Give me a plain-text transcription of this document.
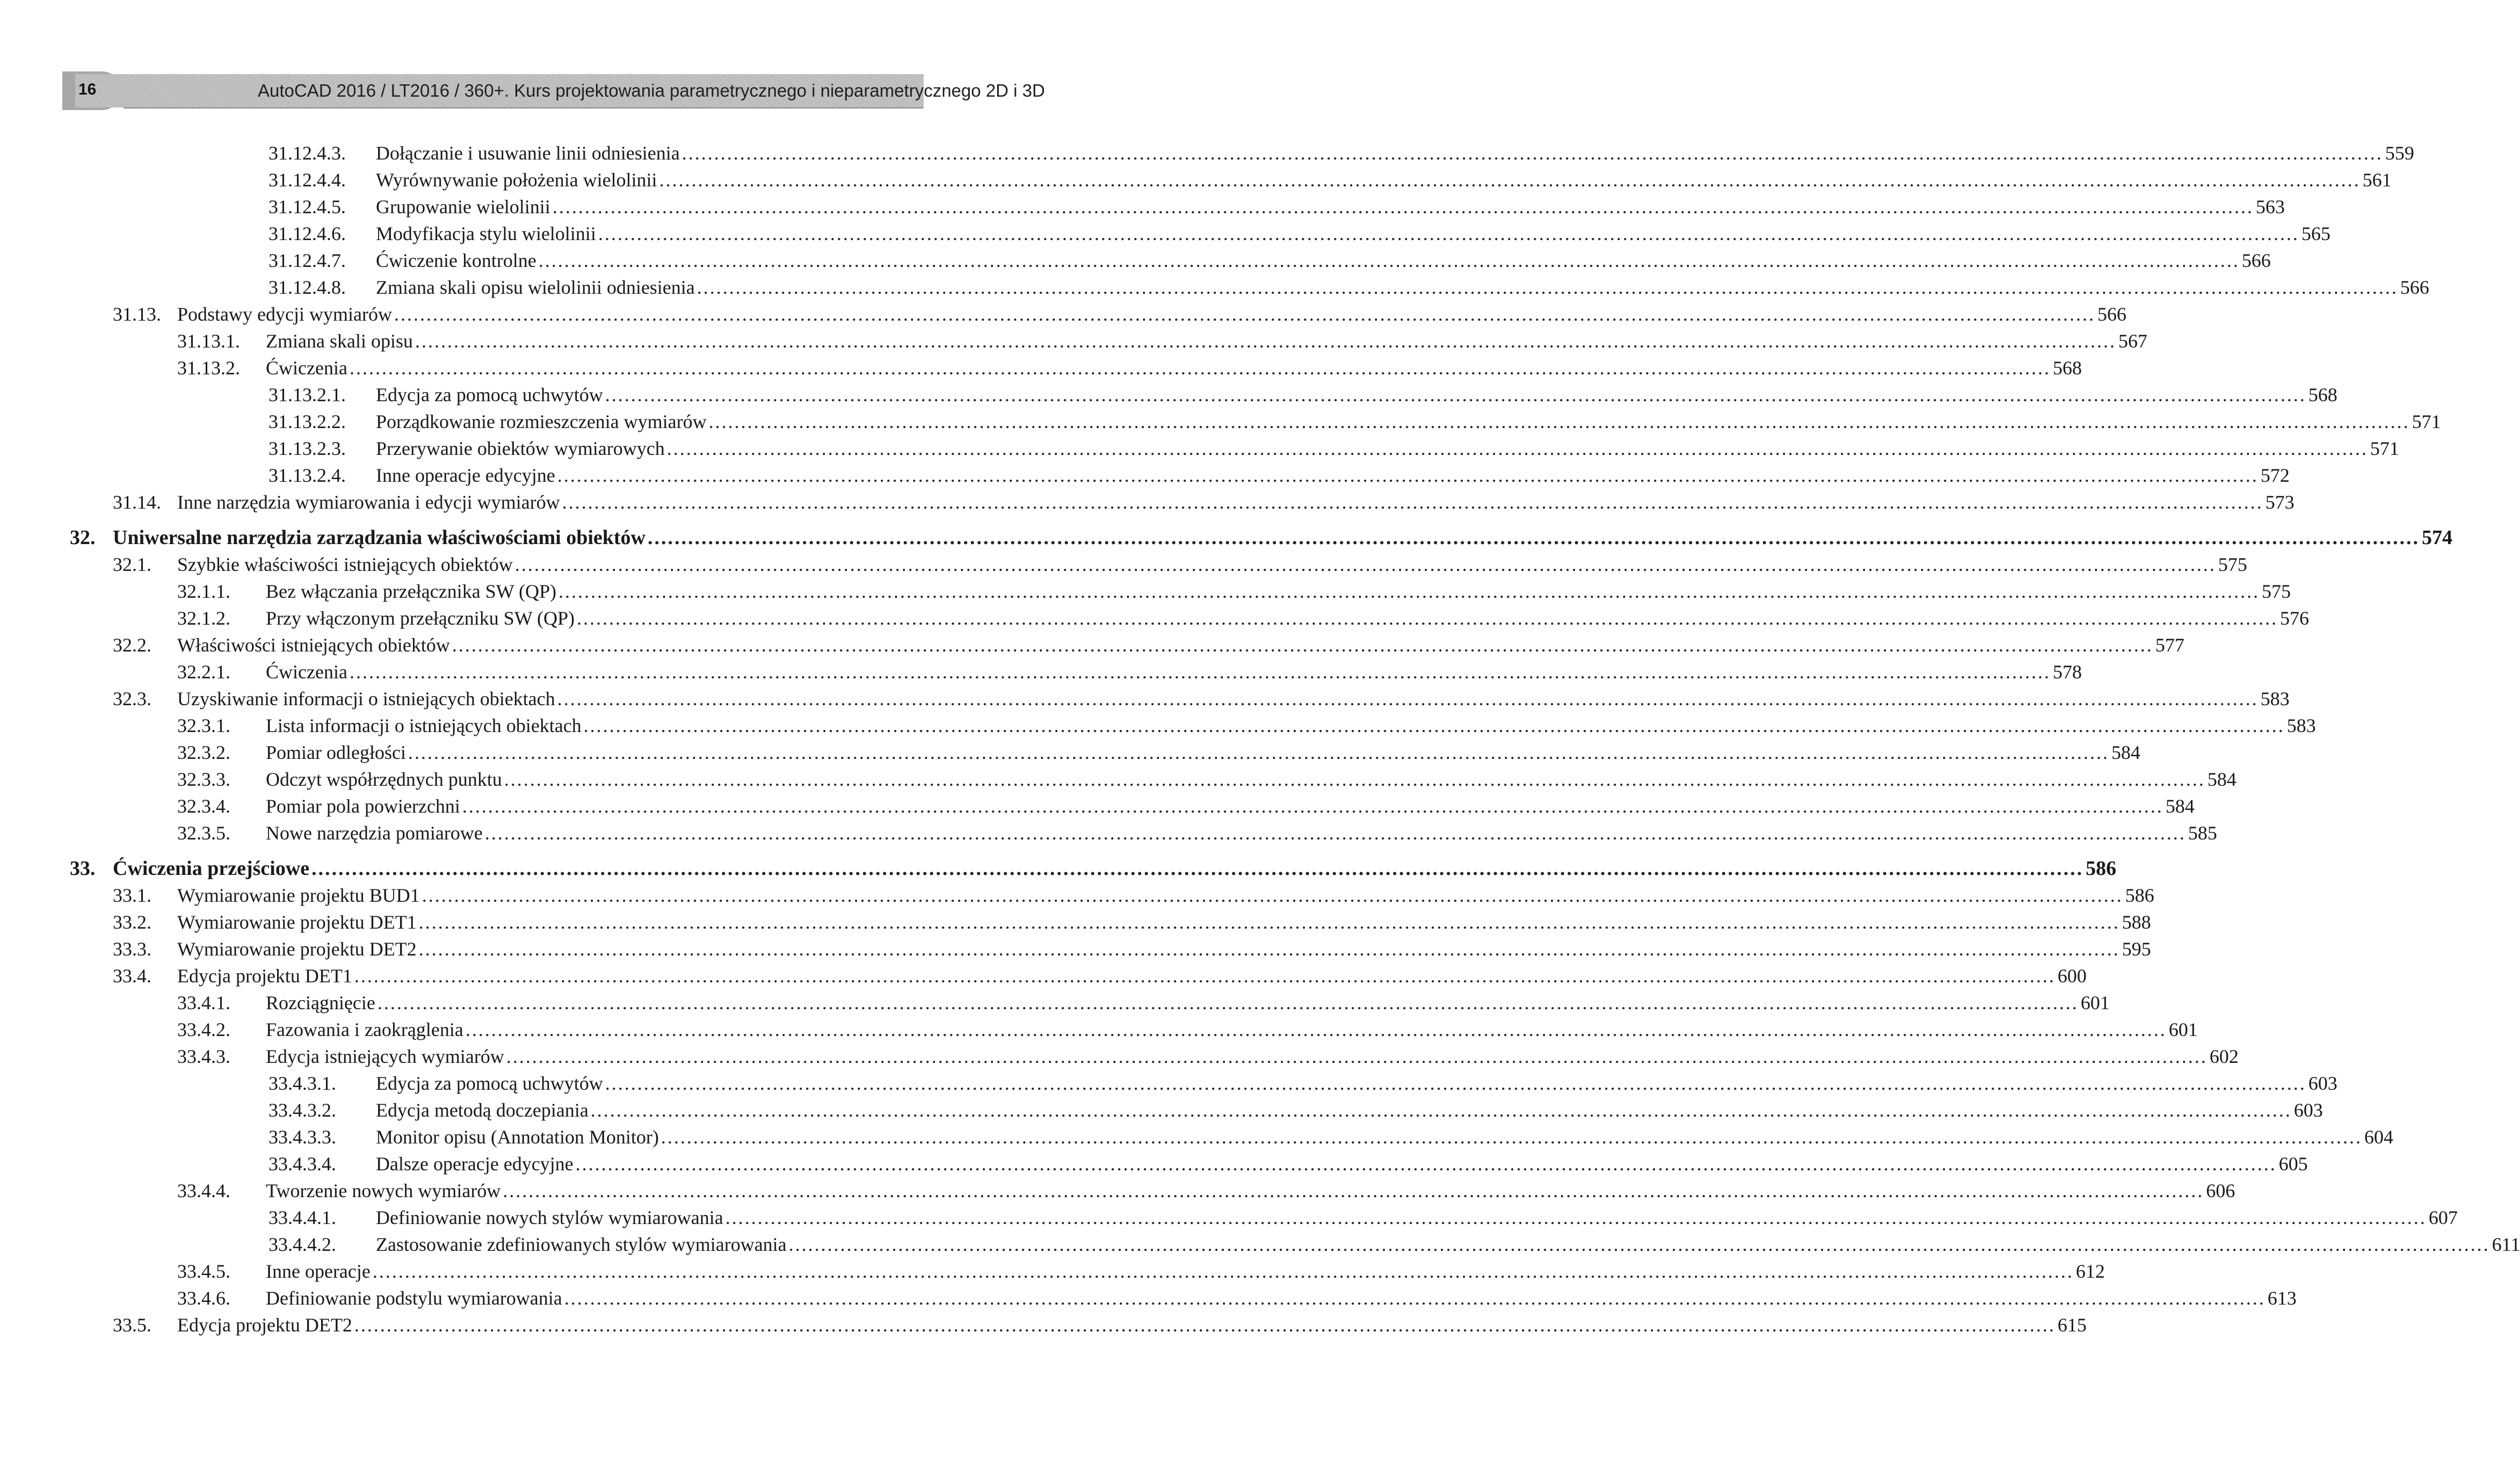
16	AutoCAD 2016 / LT2016 / 360+. Kurs projektowania parametrycznego i nieparametrycznego 2D i 3D
31.12.4.3. Dołączanie i usuwanie linii odniesienia .....	559
31.12.4.4. Wyrównywanie położenia wielolinii .....	561
31.12.4.5. Grupowanie wielolinii .....	563
31.12.4.6. Modyfikacja stylu wielolinii .....	565
31.12.4.7. Ćwiczenie kontrolne .....	566
31.12.4.8. Zmiana skali opisu wielolinii odniesienia .....	566
31.13. Podstawy edycji wymiarów .....	566
31.13.1. Zmiana skali opisu .....	567
31.13.2. Ćwiczenia .....	568
31.13.2.1. Edycja za pomocą uchwytów .....	568
31.13.2.2. Porządkowanie rozmieszczenia wymiarów .....	571
31.13.2.3. Przerywanie obiektów wymiarowych .....	571
31.13.2.4. Inne operacje edycyjne .....	572
31.14. Inne narzędzia wymiarowania i edycji wymiarów .....	573
32. Uniwersalne narzędzia zarządzania właściwościami obiektów .....	574
32.1. Szybkie właściwości istniejących obiektów .....	575
32.1.1. Bez włączania przełącznika SW (QP) .....	575
32.1.2. Przy włączonym przełączniku SW (QP) .....	576
32.2. Właściwości istniejących obiektów .....	577
32.2.1. Ćwiczenia .....	578
32.3. Uzyskiwanie informacji o istniejących obiektach .....	583
32.3.1. Lista informacji o istniejących obiektach .....	583
32.3.2. Pomiar odległości .....	584
32.3.3. Odczyt współrzędnych punktu .....	584
32.3.4. Pomiar pola powierzchni .....	584
32.3.5. Nowe narzędzia pomiarowe .....	585
33. Ćwiczenia przejściowe .....	586
33.1. Wymiarowanie projektu BUD1 .....	586
33.2. Wymiarowanie projektu DET1 .....	588
33.3. Wymiarowanie projektu DET2 .....	595
33.4. Edycja projektu DET1 .....	600
33.4.1. Rozciągnięcie .....	601
33.4.2. Fazowania i zaokrąglenia .....	601
33.4.3. Edycja istniejących wymiarów .....	602
33.4.3.1. Edycja za pomocą uchwytów .....	603
33.4.3.2. Edycja metodą doczepiania .....	603
33.4.3.3. Monitor opisu (Annotation Monitor) .....	604
33.4.3.4. Dalsze operacje edycyjne .....	605
33.4.4. Tworzenie nowych wymiarów .....	606
33.4.4.1. Definiowanie nowych stylów wymiarowania .....	607
33.4.4.2. Zastosowanie zdefiniowanych stylów wymiarowania .....	611
33.4.5. Inne operacje .....	612
33.4.6. Definiowanie podstylu wymiarowania .....	613
33.5. Edycja projektu DET2 .....	615
